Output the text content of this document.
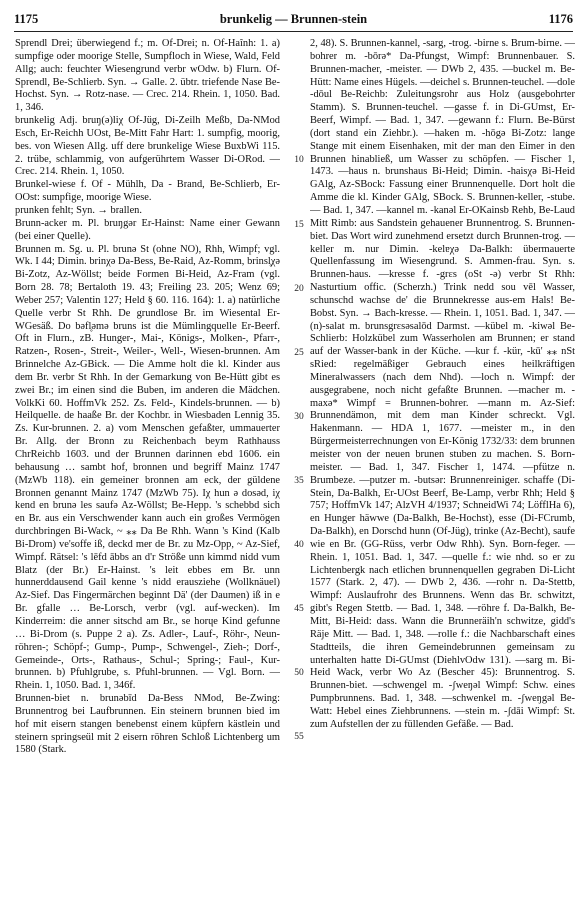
1175	brunkelig — Brunnen-stein	1176

Sprendl Drei; überwiegend f.; m. Of-Drei; n. Of-Haînh: 1. a) sumpfige oder moorige Stelle, Sumpfloch in Wiese, Wald, Feld Allg; auch: feuchter Wiesengrund verbr wOdw. b) Flurn. Of-Sprendl, Be-Schlierb. Syn. → Galle. 2. übtr. triefende Nase Be-Hochst. Syn. → Rotz-nase. — Crec. 214. Rhein. 1, 1050. Bad. 1, 346.

brunkelig Adj. bruŋ(ə)liχ Of-Jüg, Di-Zeilh Meßb, Da-NMod Esch, Er-Reichh UOst, Be-Mitt Fahr Hart: 1. sumpfig, moorig, bes. von Wiesen Allg. uff dere brunkelige Wiese BuxbWi 115. 2. trübe, schlammig, von aufgerührtem Wasser Di-ORod. — Crec. 214. Rhein. 1, 1050.

Brunkel-wiese f. Of - Mühlh, Da - Brand, Be-Schlierb, Er-OOst: sumpfige, moorige Wiese.

prunken fehlt; Syn. → brallen.

Brunn-acker m. Pl. bruŋgər Er-Hainst: Name einer Gewann (bei einer Quelle).

Brunnen m. Sg. u. Pl. brunə St (ohne NO), Rhh, Wimpf; vgl. Wk. I 44; Dimin. brinχə Da-Bess, Be-Raid, Az-Romm, brinsl̥χə Bi-Zotz, Az-Wöllst; beide Formen Bi-Heid, Az-Fram (vgl. Born 28. 78; Bertaloth 19. 43; Freiling 23. 205; Wenz 69; Weber 257; Valentin 127; Held § 60. 116. 164): 1. a) natürliche Quelle verbr St Rhh. De grundlose Br. im Wiesental Er-WGesäß. Do bəfl̥əmə bruns ist die Mümlingquelle Er-Beerf. Oft in Flurn., zB. Hunger-, Mai-, Königs-, Molken-, Pfarr-, Ratzen-, Rosen-, Streit-, Weiler-, Well-, Wiesen-brunnen. Am Brinnelche Az-GBick. — Die Amme holt die kl. Kinder aus dem Br. verbr St Rhh. In der Gemarkung von Be-Hütt gibt es zwei Br.; im einen sind die Buben, im anderen die Mädchen. VolkKi 60. HoffmVk 252. Zs. Feld-, Kindels-brunnen. — b) Heilquelle. de haaße Br. der Kochbr. in Wiesbaden Lennig 35. Zs. Kur-brunnen. 2. a) vom Menschen gefaßter, ummauerter Br. Allg. der Bronn zu Reichenbach beym Rathhauss ChrReichb 1603. und der Brunnen darinnen ebd 1606. ein behausung … sambt hof, bronnen und begriff Mainz 1747 (MzWb 118). ein gemeiner bronnen am eck, der güldene Bronnen genannt Mainz 1747 (MzWb 75). Iχ hun ə dosəd, iχ kend en brunə les saufə Az-Wöllst; Be-Hepp. 's schebbd sich en Br. aus ein Verschwender kann auch ein großes Vermögen durchbringen Bi-Wack, ~ ⁎⁎ Da Be Rhh. Wann 's Kind (Kalb Bi-Drom) ve'soffe iß, deckd mer de Br. zu Mz-Opp, ~ Az-Sief, Wimpf. Rätsel: 's lēfd ābbs an d'r Ströße unn kimmd nidd vum Blatz (der Br.) Er-Hainst. 's leit ebbes em Br. unn hunnerddausend Gail kenne 's nidd erausziehe (Wollknäuel) Az-Sief. Das Fingermärchen beginnt Dä' (der Daumen) iß in e Br. gfalle … Be-Lorsch, verbr (vgl. auf-wecken). Im Kinderreim: die anner sitschd am Br., se horɥe Kind gefunne … Bi-Drom (s. Puppe 2 a). Zs. Adler-, Lauf-, Röhr-, Neun-röhren-; Schöpf-; Gump-, Pump-, Schwengel-, Zieh-; Dorf-, Gemeinde-, Orts-, Rathaus-, Schul-; Spring-; Faul-, Kur-brunnen. b) Pfuhlgrube, s. Pfuhl-brunnen. — Vgl. Born. — Rhein. 1, 1050. Bad. 1, 346f.

Brunnen-biet n. brunəbīd Da-Bess NMod, Be-Zwing: Brunnentrog bei Laufbrunnen. Ein steinern brunnen bied im hof mit eisern stangen benebenst einem küpfern kästlein und steinern springseül mit 2 eisern röhren Schloß Lichtenberg um 1580 (Stark.

2, 48). S. Brunnen-kannel, -sarg, -trog. -birne s. Brum-birne. —bohrer m. -bōrə* Da-Pfungst, Wimpf: Brunnenbauer. S. Brunnen-macher, -meister. — DWb 2, 435. —buckel m. Be-Hütt: Name eines Hügels. —deichel s. Brunnen-teuchel. —dole -dōul Be-Reichb: Zuleitungsrohr aus Holz (ausgebohrter Stamm). S. Brunnen-teuchel. —gasse f. in Di-GUmst, Er-Beerf, Wimpf. — Bad. 1, 347. —gewann f.: Flurn. Be-Bürst (dort stand ein Ziehbr.). —haken m. -hōgə Bi-Zotz: lange Stange mit einem Eisenhaken, mit der man den Eimer in den Brunnen hinabließ, um Wasser zu schöpfen. — Fischer 1, 1473. —haus n. brunshaus Bi-Heid; Dimin. -haisχə Bi-Heid GAlg, Az-SBock: Fassung einer Brunnenquelle. Dort holt die Amme die kl. Kinder GAlg, SBock. S. Brunnen-keller, -stube. — Bad. 1, 347. —kannel m. -kanəl Er-OKainsb Rehb, Be-Laud Mitt Rimb: aus Sandstein gehauener Brunnentrog. S. Brunnen-biet. Das Wort wird zunehmend ersetzt durch Brunnen-trog. —keller m. nur Dimin. -kelɐχə Da-Balkh: übermauerte Quellenfassung im Wiesengrund. S. Ammen-frau. Syn. s. Brunnen-haus. —kresse f. -grεs (oSt -ə) verbr St Rhh: Nasturtium offic. (Scherzh.) Trink nedd sou vēl Wasser, schunschd wachse de' die Brunnekresse aus-em Hals! Be-Bobst. Syn. → Bach-kresse. — Rhein. 1, 1051. Bad. 1, 347. —(n)-salat m. brunsgrεsəsalōd Darmst. —kübel m. -kiwəl Be-Schlierb: Holzkübel zum Wasserholen am Brunnen; er stand auf der Wasser-bank in der Küche. —kur f. -kür, -kū' ⁎⁎ nSt sRied: regelmäßiger Gebrauch eines heilkräftigen Mineralwassers (nach dem Nhd). —loch n. Wimpf: der ausgegrabene, noch nicht gefaßte Brunnen. —macher m. -maxə* Wimpf = Brunnen-bohrer. —mann m. Az-Sief: Brunnendämon, mit dem man Kinder schreckt. Vgl. Hakenmann. — HDA 1, 1677. —meister m., in den Bürgermeisterrechnungen von Er-König 1732/33: dem brunnen meister von der neuen brunen stuben zu machen. S. Born-meister. — Bad. 1, 347. Fischer 1, 1474. —pfütze n. Brumbeze. —putzer m. -butsər: Brunnenreiniger. schaffe (Di-Stein, Da-Balkh, Er-UOst Beerf, Be-Lamp, verbr Rhh; Held § 757; HoffmVk 147; AlzVH 4/1937; SchneidWi 74; LöfflHa 6), en Hunger häwwe (Da-Balkh, Be-Hochst), esse (Di-FCrumb, Da-Balkh), en Dorschd hunn (Of-Jüg), trinke (Az-Becht), saufe wie en Br. (GG-Rüss, verbr Odw Rhh). Syn. Born-feger. — Rhein. 1, 1051. Bad. 1, 347. —quelle f.: wie nhd. so er zu Lichtenbergk nach etlichen brunnenquellen gegraben Di-Licht 1577 (Stark. 2, 47). — DWb 2, 436. —rohr n. Da-Stettb, Wimpf: Auslaufrohr des Brunnens. Wenn das Br. schwitzt, gibt's Regen Stettb. — Bad. 1, 348. —röhre f. Da-Balkh, Be-Mitt, Bi-Heid: dass. Wann die Brunneräih'n schwitze, gidd's Räje Mitt. — Bad. 1, 348. —rolle f.: die Nachbarschaft eines Stadtteils, die ihren Gemeindebrunnen gemeinsam zu unterhalten hatte Di-GUmst (DiehlvOdw 131). —sarg m. Bi-Heid Wack, verbr Wo Az (Bescher 45): Brunnentrog. S. Brunnen-biet. —schwengel m. -ʃweŋəl Wimpf: Schw. eines Pumpbrunnens. Bad. 1, 348. —schwenkel m. -ʃweŋgəl Be-Watt: Hebel eines Ziehbrunnens. —stein m. -ʃdāi Wimpf: St. zum Aufstellen der zu füllenden Gefäße. — Bad.

10
15
20
25
30
35
40
45
50
55
